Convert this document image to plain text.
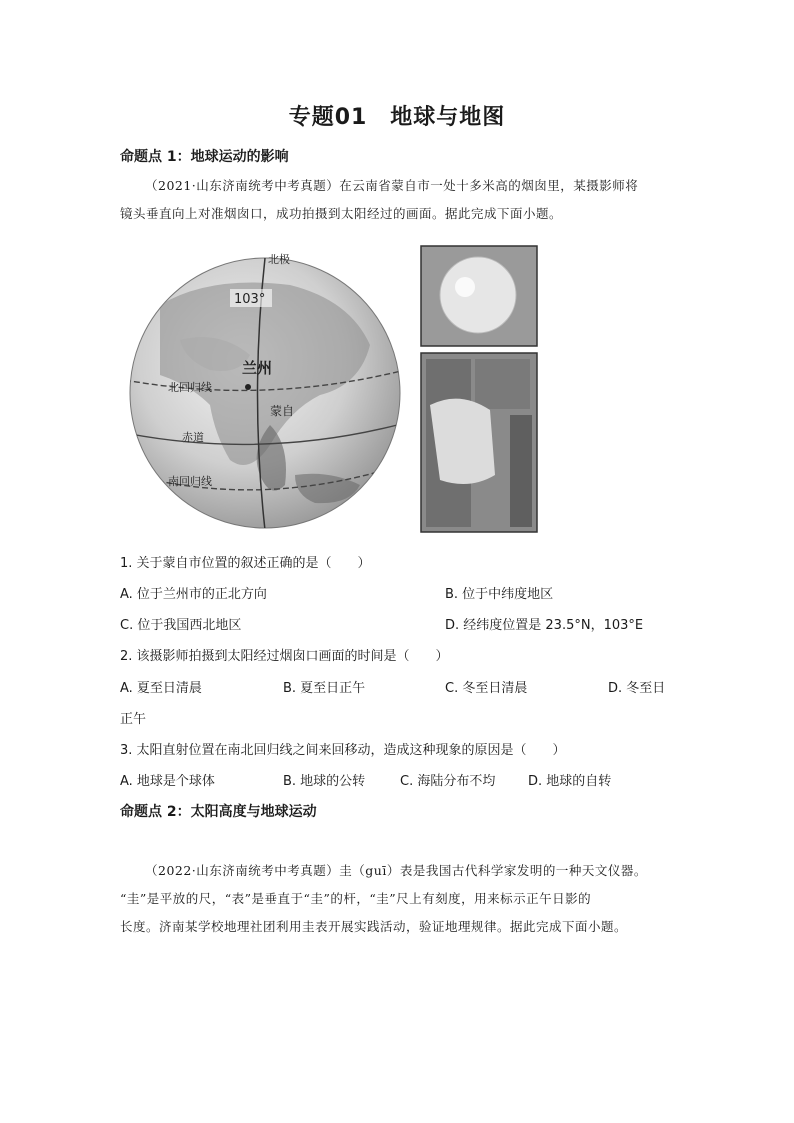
专题01　地球与地图
命题点 1：地球运动的影响
（2021·山东济南统考中考真题）在云南省蒙自市一处十多米高的烟囱里，某摄影师将
镜头垂直向上对准烟囱口，成功拍摄到太阳经过的画面。据此完成下面小题。
北极
103°
兰州
蒙自
北回归线
赤道
南回归线
1. 关于蒙自市位置的叙述正确的是（　　）
A. 位于兰州市的正北方向	B. 位于中纬度地区
C. 位于我国西北地区	D. 经纬度位置是 23.5°N，103°E
2. 该摄影师拍摄到太阳经过烟囱口画面的时间是（　　）
A. 夏至日清晨	B. 夏至日正午	C. 冬至日清晨	D. 冬至日
正午
3. 太阳直射位置在南北回归线之间来回移动，造成这种现象的原因是（　　）
A. 地球是个球体	B. 地球的公转	C. 海陆分布不均	D. 地球的自转
命题点 2：太阳高度与地球运动
（2022·山东济南统考中考真题）圭（guī）表是我国古代科学家发明的一种天文仪器。
“圭”是平放的尺，“表”是垂直于“圭”的杆，“圭”尺上有刻度，用来标示正午日影的
长度。济南某学校地理社团利用圭表开展实践活动，验证地理规律。据此完成下面小题。
